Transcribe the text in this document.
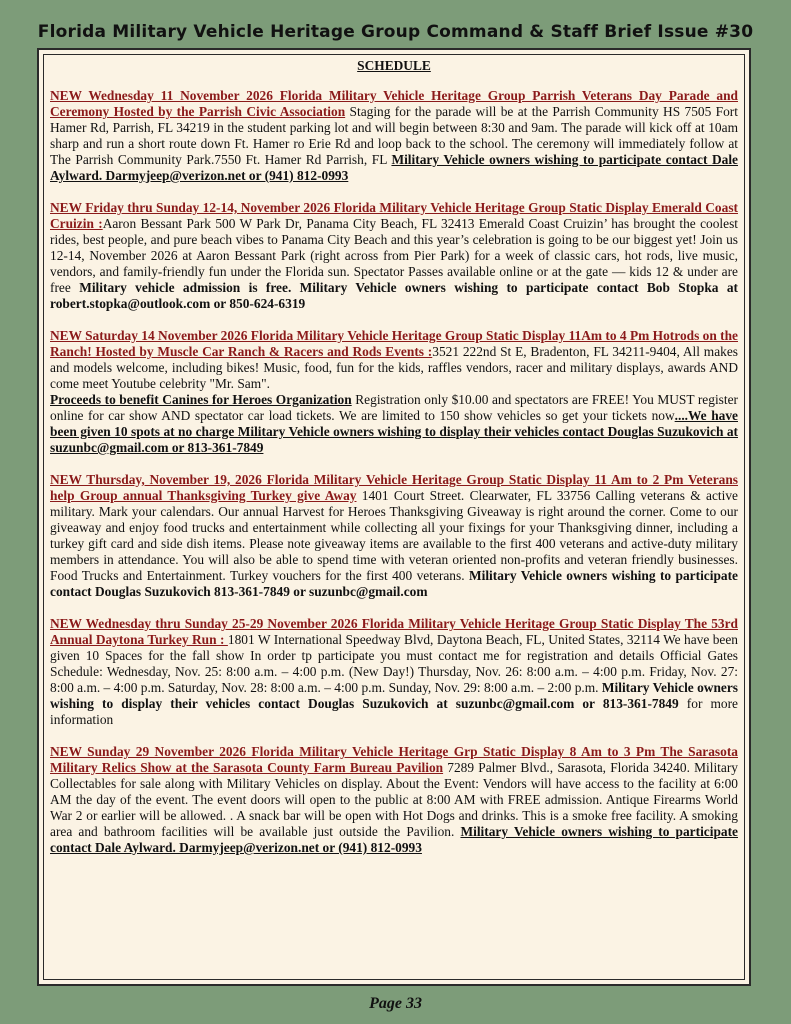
Florida Military Vehicle Heritage Group Command & Staff Brief Issue #30
SCHEDULE
NEW Wednesday 11 November 2026 Florida Military Vehicle Heritage Group Parrish Veterans Day Parade and Ceremony Hosted by the Parrish Civic Association Staging for the parade will be at the Parrish Community HS 7505 Fort Hamer Rd, Parrish, FL 34219 in the student parking lot and will begin between 8:30 and 9am. The parade will kick off at 10am sharp and run a short route down Ft. Hamer ro Erie Rd and loop back to the school. The ceremony will immediately follow at The Parrish Community Park.7550 Ft. Hamer Rd Parrish, FL Military Vehicle owners wishing to participate contact Dale Aylward. Darmyjeep@verizon.net or (941) 812-0993
NEW Friday thru Sunday 12-14, November 2026 Florida Military Vehicle Heritage Group Static Display Emerald Coast Cruizin :Aaron Bessant Park 500 W Park Dr, Panama City Beach, FL 32413 Emerald Coast Cruizin’ has brought the coolest rides, best people, and pure beach vibes to Panama City Beach and this year’s celebration is going to be our biggest yet! Join us 12-14, November 2026 at Aaron Bessant Park (right across from Pier Park) for a week of classic cars, hot rods, live music, vendors, and family-friendly fun under the Florida sun. Spectator Passes available online or at the gate — kids 12 & under are free Military vehicle admission is free. Military Vehicle owners wishing to participate contact Bob Stopka at robert.stopka@outlook.com or 850-624-6319
NEW Saturday 14 November 2026 Florida Military Vehicle Heritage Group Static Display 11Am to 4 Pm Hotrods on the Ranch! Hosted by Muscle Car Ranch & Racers and Rods Events :3521 222nd St E, Bradenton, FL 34211-9404, All makes and models welcome, including bikes! Music, food, fun for the kids, raffles vendors, racer and military displays, awards AND come meet Youtube celebrity "Mr. Sam".
Proceeds to benefit Canines for Heroes Organization Registration only $10.00 and spectators are FREE! You MUST register online for car show AND spectator car load tickets. We are limited to 150 show vehicles so get your tickets now....We have been given 10 spots at no charge Military Vehicle owners wishing to display their vehicles contact Douglas Suzukovich at suzunbc@gmail.com or 813-361-7849
NEW Thursday, November 19, 2026 Florida Military Vehicle Heritage Group Static Display 11 Am to 2 Pm Veterans help Group annual Thanksgiving Turkey give Away 1401 Court Street. Clearwater, FL 33756 Calling veterans & active military. Mark your calendars. Our annual Harvest for Heroes Thanksgiving Giveaway is right around the corner. Come to our giveaway and enjoy food trucks and entertainment while collecting all your fixings for your Thanksgiving dinner, including a turkey gift card and side dish items. Please note giveaway items are available to the first 400 veterans and active-duty military members in attendance. You will also be able to spend time with veteran oriented non-profits and veteran friendly businesses. Food Trucks and Entertainment. Turkey vouchers for the first 400 veterans. Military Vehicle owners wishing to participate contact Douglas Suzukovich 813-361-7849 or suzunbc@gmail.com
NEW Wednesday thru Sunday 25-29 November 2026 Florida Military Vehicle Heritage Group Static Display The 53rd Annual Daytona Turkey Run : 1801 W International Speedway Blvd, Daytona Beach, FL, United States, 32114 We have been given 10 Spaces for the fall show In order tp participate you must contact me for registration and details Official Gates Schedule: Wednesday, Nov. 25: 8:00 a.m. – 4:00 p.m. (New Day!) Thursday, Nov. 26: 8:00 a.m. – 4:00 p.m. Friday, Nov. 27: 8:00 a.m. – 4:00 p.m. Saturday, Nov. 28: 8:00 a.m. – 4:00 p.m. Sunday, Nov. 29: 8:00 a.m. – 2:00 p.m. Military Vehicle owners wishing to display their vehicles contact Douglas Suzukovich at suzunbc@gmail.com or 813-361-7849 for more information
NEW Sunday 29 November 2026 Florida Military Vehicle Heritage Grp Static Display 8 Am to 3 Pm The Sarasota Military Relics Show at the Sarasota County Farm Bureau Pavilion 7289 Palmer Blvd., Sarasota, Florida 34240. Military Collectables for sale along with Military Vehicles on display. About the Event: Vendors will have access to the facility at 6:00 AM the day of the event. The event doors will open to the public at 8:00 AM with FREE admission. Antique Firearms World War 2 or earlier will be allowed. . A snack bar will be open with Hot Dogs and drinks. This is a smoke free facility. A smoking area and bathroom facilities will be available just outside the Pavilion. Military Vehicle owners wishing to participate contact Dale Aylward. Darmyjeep@verizon.net or (941) 812-0993
Page 33
